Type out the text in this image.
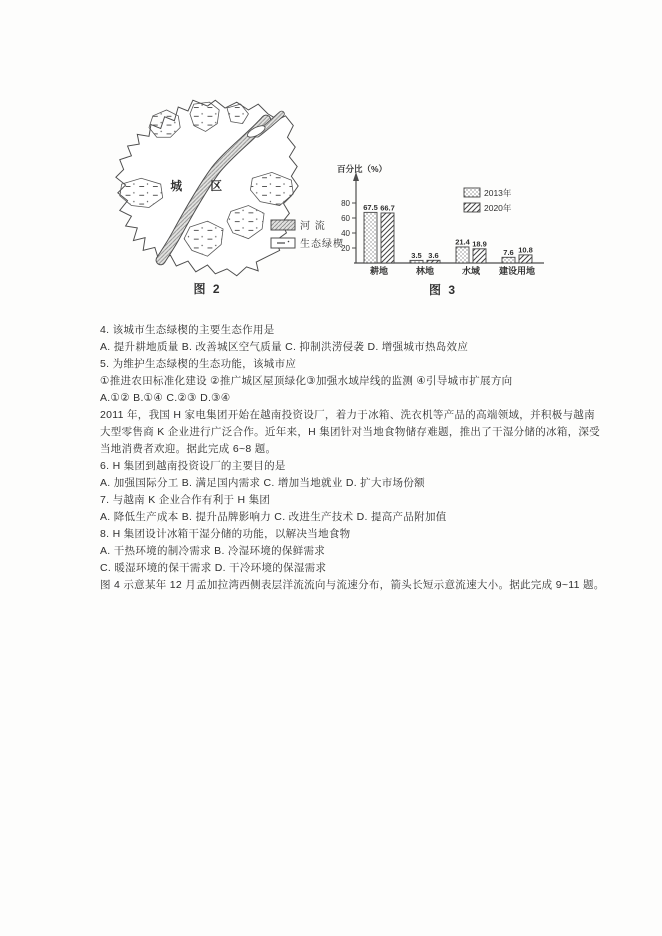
城 区
图 2
河 流
生态绿楔
百分比（%）
20
40
60
80 67.5 66.7
耕地
3.5 3.6
林地
21.4 18.9
水域
7.6 10.8
建设用地
2013年
2020年
图 3
4. 该城市生态绿楔的主要生态作用是
A. 提升耕地质量 B. 改善城区空气质量 C. 抑制洪涝侵袭 D. 增强城市热岛效应
5. 为维护生态绿楔的生态功能，该城市应
①推进农田标准化建设 ②推广城区屋顶绿化③加强水域岸线的监测 ④引导城市扩展方向
A.①② B.①④ C.②③ D.③④
2011 年，我国 H 家电集团开始在越南投资设厂，着力于冰箱、洗衣机等产品的高端领域，并积极与越南
大型零售商 K 企业进行广泛合作。近年来，H 集团针对当地食物储存难题，推出了干湿分储的冰箱，深受
当地消费者欢迎。据此完成 6~8 题。
6. H 集团到越南投资设厂的主要目的是
A. 加强国际分工 B. 满足国内需求 C. 增加当地就业 D. 扩大市场份额
7. 与越南 K 企业合作有利于 H 集团
A. 降低生产成本 B. 提升品牌影响力 C. 改进生产技术 D. 提高产品附加值
8. H 集团设计冰箱干湿分储的功能，以解决当地食物
A. 干热环境的制冷需求 B. 冷湿环境的保鲜需求
C. 暖湿环境的保干需求 D. 干冷环境的保湿需求
图 4 示意某年 12 月孟加拉湾西侧表层洋流流向与流速分布，箭头长短示意流速大小。据此完成 9~11 题。
